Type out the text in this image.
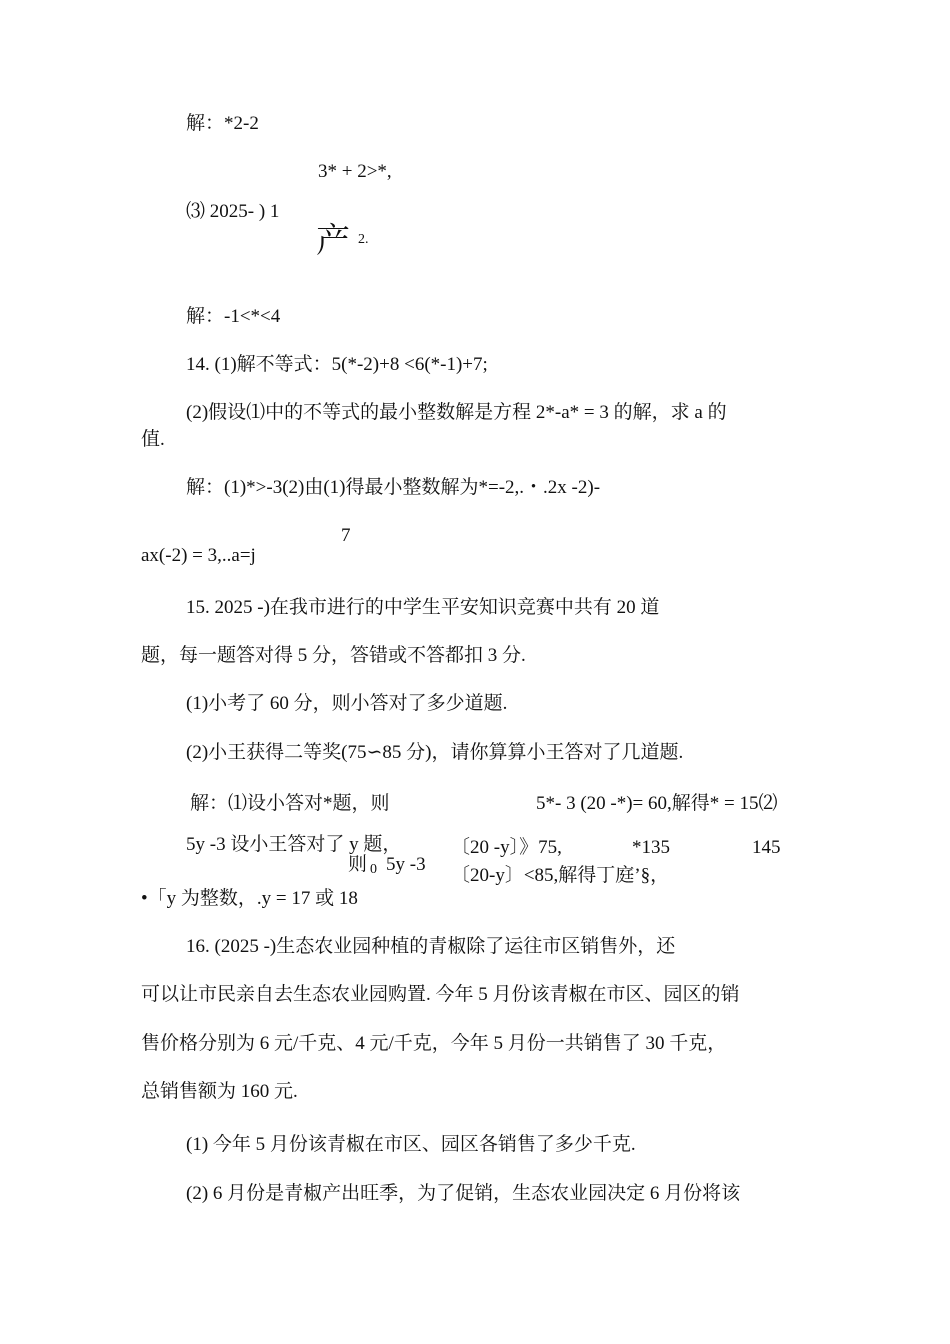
解：*2-2
3* + 2>*,
⑶ 2025- ) 1
产 2.
解：-1<*<4
14. (1)解不等式：5(*-2)+8 <6(*-1)+7;
(2)假设⑴中的不等式的最小整数解是方程 2*-a* = 3 的解，求 a 的
值.
解：(1)*>-3(2)由(1)得最小整数解为*=-2,.・.2x -2)-
7
ax(-2) = 3,..a=j
15. 2025 -)在我市进行的中学生平安知识竞赛中共有 20 道
题，每一题答对得 5 分，答错或不答都扣 3 分.
(1)小考了 60 分，则小答对了多少道题.
(2)小王获得二等奖(75∽85 分)，请你算算小王答对了几道题.
解：⑴设小答对*题，则	5*- 3 (20 -*)= 60,解得* = 15⑵
5y -3 设小王答对了 y 题，	〔20 -y〕》75,	*135	145
则 0 5y -3
〔20-y〕<85,解得丁庭’§，
•「y 为整数，.y = 17 或 18
16. (2025 -)生态农业园种植的青椒除了运往市区销售外，还
可以让市民亲自去生态农业园购置. 今年 5 月份该青椒在市区、园区的销
售价格分别为 6 元/千克、4 元/千克，今年 5 月份一共销售了 30 千克，
总销售额为 160 元.
(1) 今年 5 月份该青椒在市区、园区各销售了多少千克.
(2) 6 月份是青椒产出旺季，为了促销，生态农业园决定 6 月份将该
